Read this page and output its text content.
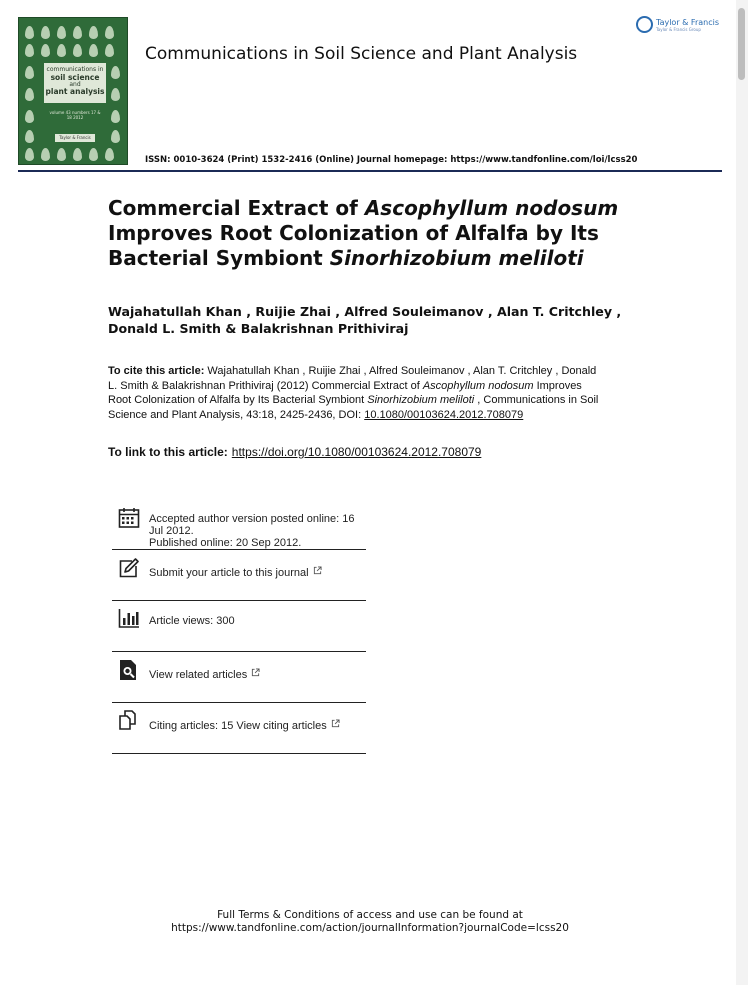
communications in
soil science
and
plant analysis
volume 43 numbers 17 & 18 2012
Taylor & Francis
Communications in Soil Science and Plant Analysis
Taylor & Francis
Taylor & Francis Group
ISSN: 0010-3624 (Print) 1532-2416 (Online) Journal homepage: https://www.tandfonline.com/loi/lcss20
Commercial Extract of Ascophyllum nodosum Improves Root Colonization of Alfalfa by Its Bacterial Symbiont Sinorhizobium meliloti
Wajahatullah Khan , Ruijie Zhai , Alfred Souleimanov , Alan T. Critchley , Donald L. Smith & Balakrishnan Prithiviraj
To cite this article: Wajahatullah Khan , Ruijie Zhai , Alfred Souleimanov , Alan T. Critchley , Donald L. Smith & Balakrishnan Prithiviraj (2012) Commercial Extract of Ascophyllum nodosum Improves Root Colonization of Alfalfa by Its Bacterial Symbiont Sinorhizobium meliloti , Communications in Soil Science and Plant Analysis, 43:18, 2425-2436, DOI: 10.1080/00103624.2012.708079
To link to this article: https://doi.org/10.1080/00103624.2012.708079
Accepted author version posted online: 16 Jul 2012.
Published online: 20 Sep 2012.
Submit your article to this journal
Article views: 300
View related articles
Citing articles: 15 View citing articles
Full Terms & Conditions of access and use can be found at
https://www.tandfonline.com/action/journalInformation?journalCode=lcss20
